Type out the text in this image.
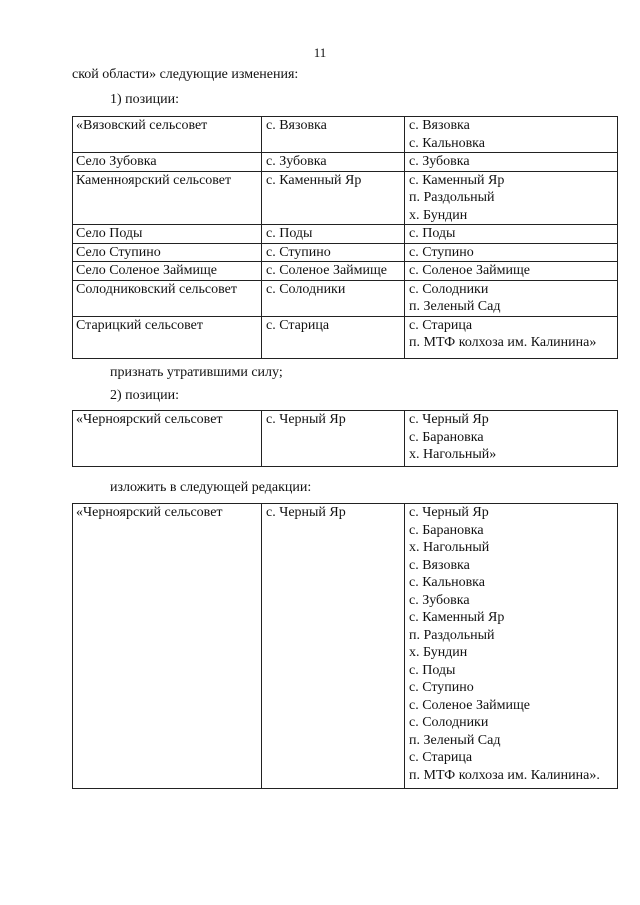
11
ской области» следующие изменения:
1) позиции:
«Вязовский сельсовет	с. Вязовка	с. Вязовка
с. Кальновка

Село Зубовка	с. Зубовка	с. Зубовка

Каменноярский сельсовет	с. Каменный Яр	с. Каменный Яр
п. Раздольный
х. Бундин

Село Поды	с. Поды	с. Поды

Село Ступино	с. Ступино	с. Ступино

Село Соленое Займище	с. Соленое Займище	с. Соленое Займище

Солодниковский сельсовет	с. Солодники	с. Солодники
п. Зеленый Сад

Старицкий сельсовет	с. Старица	с. Старица
п. МТФ колхоза им. Калинина»
признать утратившими силу;
2) позиции:
«Черноярский сельсовет	с. Черный Яр	с. Черный Яр
с. Барановка
х. Нагольный»
изложить в следующей редакции:
«Черноярский сельсовет	с. Черный Яр	с. Черный Яр
с. Барановка
х. Нагольный
с. Вязовка
с. Кальновка
с. Зубовка
с. Каменный Яр
п. Раздольный
х. Бундин
с. Поды
с. Ступино
с. Соленое Займище
с. Солодники
п. Зеленый Сад
с. Старица
п. МТФ колхоза им. Калинина».
